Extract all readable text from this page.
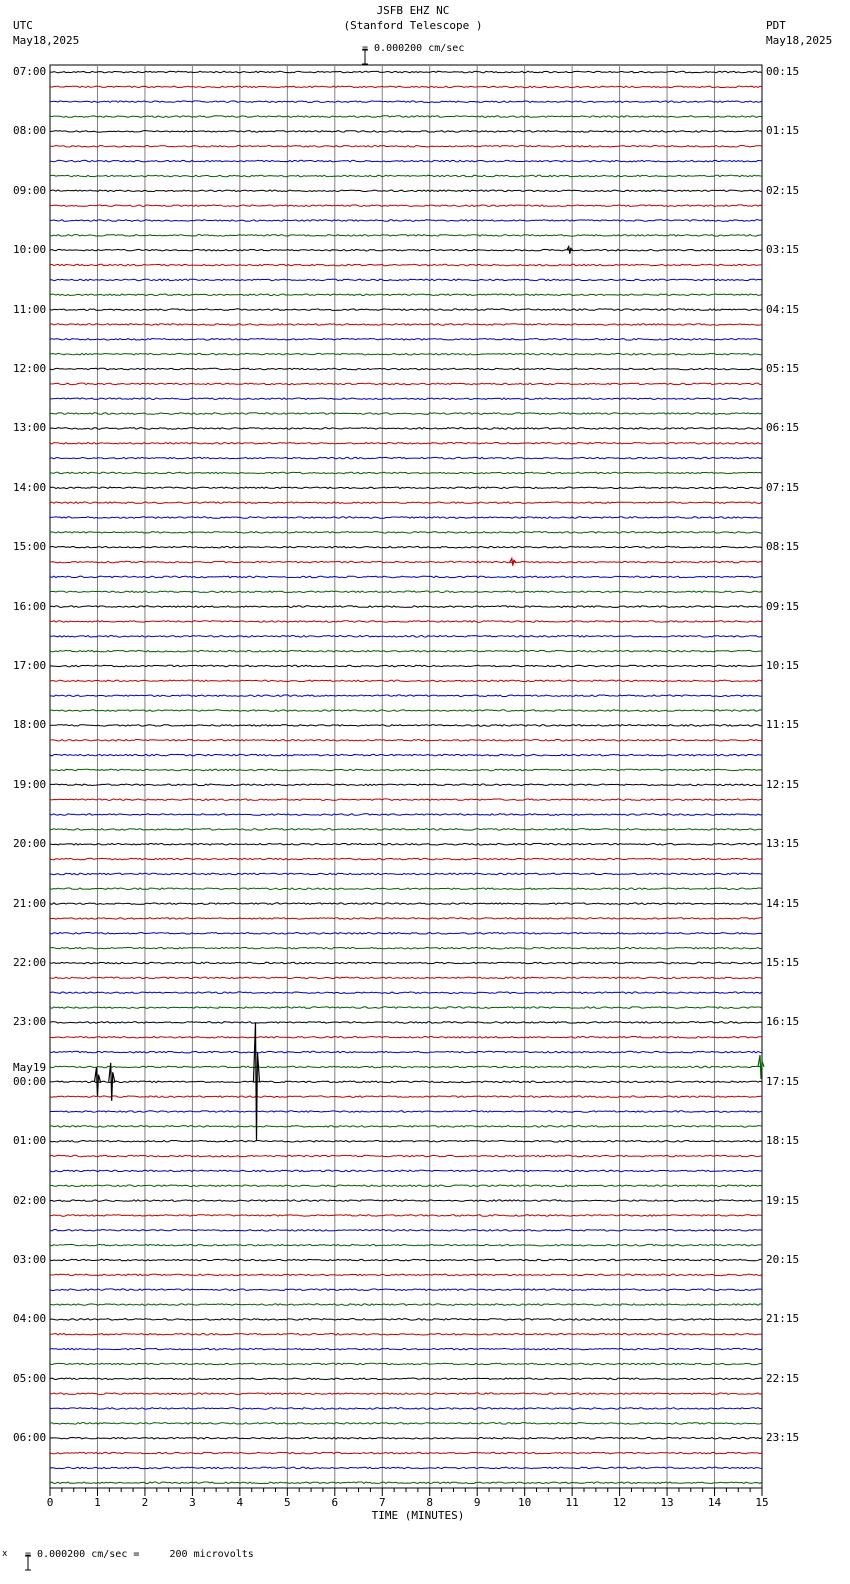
UTC
May18,2025
JSFB EHZ NC
(Stanford Telescope )

= 0.000200 cm/sec
PDT
May18,2025
0	1	2	3	4	5	6	7	8	9	10	11	12	13	14	15
07:00	00:15
08:00	01:15
09:00	02:15
10:00	03:15
11:00	04:15
12:00	05:15
13:00	06:15
14:00	07:15
15:00	08:15
16:00	09:15
17:00	10:15
18:00	11:15
19:00	12:15
20:00	13:15
21:00	14:15
22:00	15:15
23:00	16:15
00:00	17:15
01:00	18:15
02:00	19:15
03:00	20:15
04:00	21:15
05:00	22:15
06:00	23:15
May19
TIME (MINUTES)
x

= 0.000200 cm/sec =     200 microvolts
